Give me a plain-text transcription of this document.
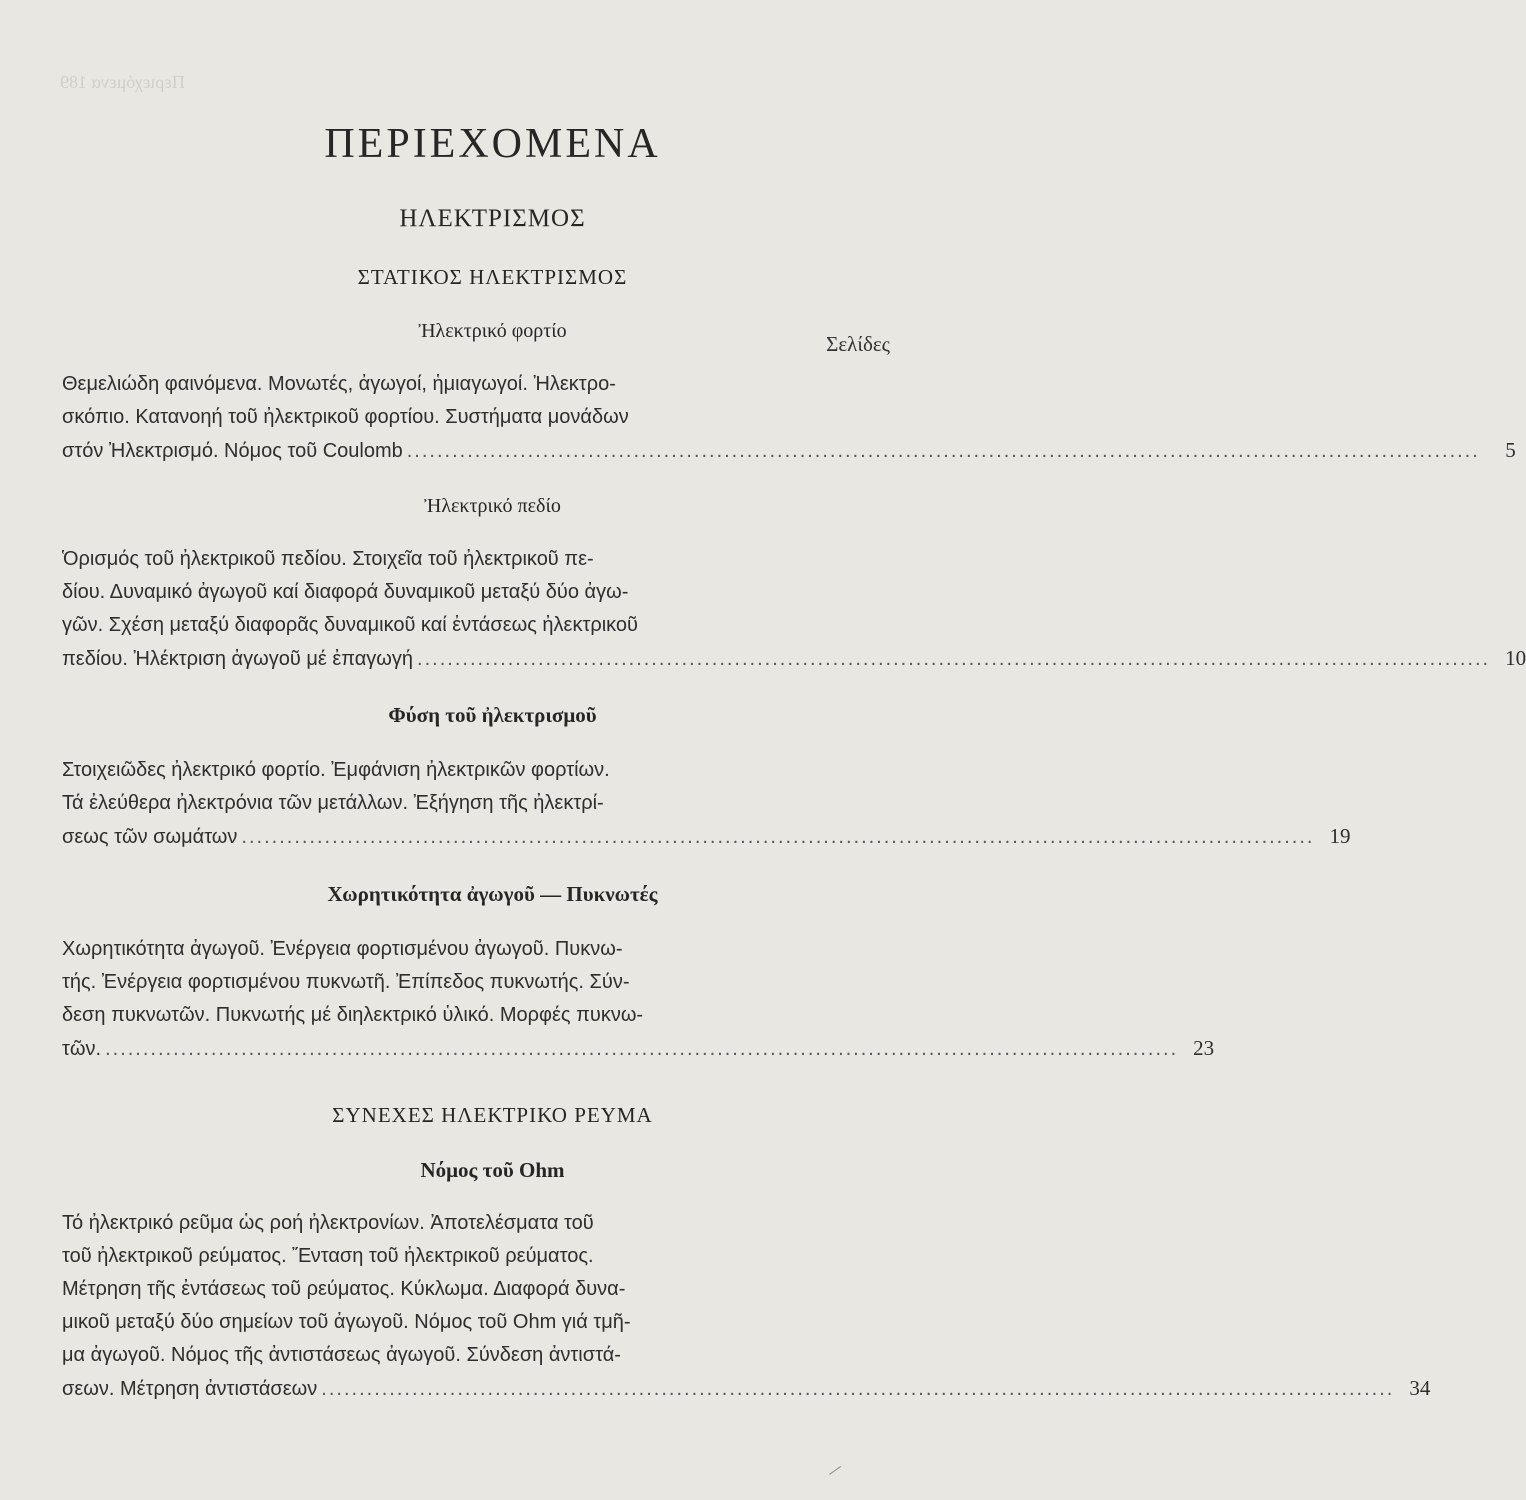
Περιεχόμενα 189
ΠΕΡΙΕΧΟΜΕΝΑ
ΗΛΕΚΤΡΙΣΜΟΣ
ΣΤΑΤΙΚΟΣ ΗΛΕΚΤΡΙΣΜΟΣ
Σελίδες
Ἠλεκτρικό φορτίο
Θεμελιώδη φαινόμενα. Μονωτές, ἀγωγοί, ἡμιαγωγοί. Ἠλεκτρο-
σκόπιο. Κατανοηή τοῦ ἠλεκτρικοῦ φορτίου. Συστήματα μονάδων
στόν Ἠλεκτρισμό. Νόμος τοῦ Coulomb ..............................................................................................................................................	5
Ἠλεκτρικό πεδίο
Ὁρισμός τοῦ ἠλεκτρικοῦ πεδίου. Στοιχεῖα τοῦ ἠλεκτρικοῦ πε-
δίου. Δυναμικό ἀγωγοῦ καί διαφορά δυναμικοῦ μεταξύ δύο ἀγω-
γῶν. Σχέση μεταξύ διαφορᾶς δυναμικοῦ καί ἐντάσεως ἠλεκτρικοῦ
πεδίου. Ἠλέκτριση ἀγωγοῦ μέ ἐπαγωγή .............................................................................................................................................. 10
Φύση τοῦ ἠλεκτρισμοῦ
Στοιχειῶδες ἠλεκτρικό φορτίο. Ἐμφάνιση ἠλεκτρικῶν φορτίων.
Τά ἐλεύθερα ἠλεκτρόνια τῶν μετάλλων. Ἐξήγηση τῆς ἠλεκτρί-
σεως τῶν σωμάτων .............................................................................................................................................. 19
Χωρητικότητα ἀγωγοῦ — Πυκνωτές
Χωρητικότητα ἀγωγοῦ. Ἐνέργεια φορτισμένου ἀγωγοῦ. Πυκνω-
τής. Ἐνέργεια φορτισμένου πυκνωτῆ. Ἐπίπεδος πυκνωτής. Σύν-
δεση πυκνωτῶν. Πυκνωτής μέ διηλεκτρικό ὑλικό. Μορφές πυκνω-
τῶν. .............................................................................................................................................. 23
ΣΥΝΕΧΕΣ ΗΛΕΚΤΡΙΚΟ ΡΕΥΜΑ
Νόμος τοῦ Ohm
Τό ἠλεκτρικό ρεῦμα ὡς ροή ἠλεκτρονίων. Ἀποτελέσματα τοῦ
τοῦ ἠλεκτρικοῦ ρεύματος. Ἔνταση τοῦ ἠλεκτρικοῦ ρεύματος.
Μέτρηση τῆς ἐντάσεως τοῦ ρεύματος. Κύκλωμα. Διαφορά δυνα-
μικοῦ μεταξύ δύο σημείων τοῦ ἀγωγοῦ. Νόμος τοῦ Ohm γιά τμῆ-
μα ἀγωγοῦ. Νόμος τῆς ἀντιστάσεως ἀγωγοῦ. Σύνδεση ἀντιστά-
σεων. Μέτρηση ἀντιστάσεων .............................................................................................................................................. 34
